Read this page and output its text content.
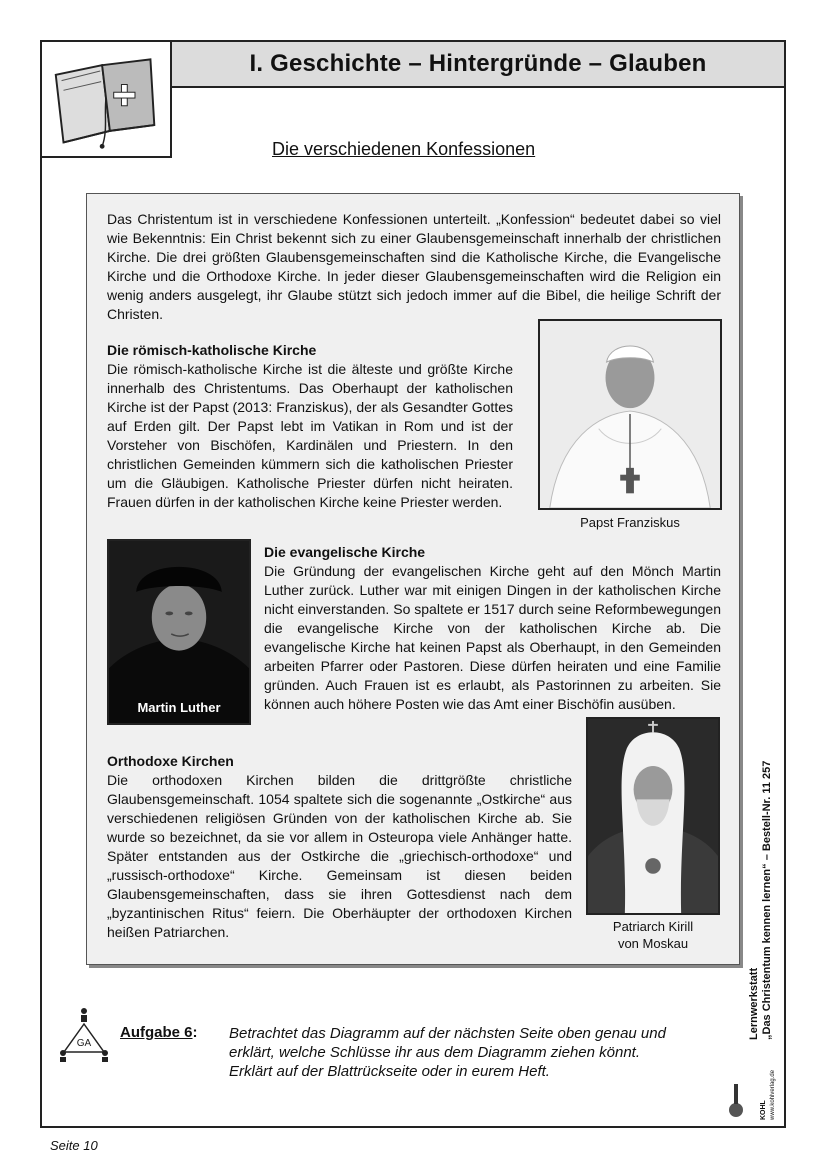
I. Geschichte – Hintergründe – Glauben
Die verschiedenen Konfessionen

Das Christentum ist in verschiedene Konfessionen unterteilt. „Konfession“ bedeutet dabei so viel wie Bekenntnis: Ein Christ bekennt sich zu einer Glaubensgemeinschaft innerhalb der christlichen Kirche. Die drei größten Glaubensgemeinschaften sind die Katholische Kirche, die Evangelische Kirche und die Orthodoxe Kirche. In jeder dieser Glaubensgemeinschaften wird die Religion ein wenig anders ausgelegt, ihr Glaube stützt sich jedoch immer auf die Bibel, die heilige Schrift der Christen.

Die römisch-katholische Kirche

Die römisch-katholische Kirche ist die älteste und größte Kirche innerhalb des Christentums. Das Oberhaupt der katholischen Kirche ist der Papst (2013: Franziskus), der als Gesandter Gottes auf Erden gilt. Der Papst lebt im Vatikan in Rom und ist der Vorsteher von Bischöfen, Kardinälen und Priestern. In den christlichen Gemeinden kümmern sich die katholischen Priester um die Gläubigen. Katholische Priester dürfen nicht heiraten. Frauen dürfen in der katholischen Kirche keine Priester werden.

Papst Franziskus
Martin Luther
Die evangelische Kirche

Die Gründung der evangelischen Kirche geht auf den Mönch Martin Luther zurück. Luther war mit einigen Dingen in der katholischen Kirche nicht einverstanden. So spaltete er 1517 durch seine Reformbewegungen die evangelische Kirche von der katholischen Kirche ab. Die evangelische Kirche hat keinen Papst als Oberhaupt, in den Gemeinden arbeiten Pfarrer oder Pastoren. Diese dürfen heiraten und eine Familie gründen. Auch Frauen ist es erlaubt, als Pastorinnen zu arbeiten. Sie können auch höhere Posten wie das Amt einer Bischöfin ausüben.

Patriarch Kirill
von Moskau
Orthodoxe Kirchen

Die orthodoxen Kirchen bilden die drittgrößte christliche Glaubensgemeinschaft. 1054 spaltete sich die sogenannte „Ostkirche“ aus verschiedenen religiösen Gründen von der katholischen Kirche ab. Sie wurde so bezeichnet, da sie vor allem in Osteuropa viele Anhänger hatte. Später entstanden aus der Ostkirche die „griechisch-orthodoxe“ und „russisch-orthodoxe“ Kirche. Gemeinsam ist diesen beiden Glaubensgemeinschaften, dass sie ihren Gottesdienst nach dem „byzantinischen Ritus“ feiern. Die Oberhäupter der orthodoxen Kirchen heißen Patriarchen.

GA
Aufgabe 6: Betrachtet das Diagramm auf der nächsten Seite oben genau und erklärt, welche Schlüsse ihr aus dem Diagramm ziehen könnt. Erklärt auf der Blattrückseite oder in eurem Heft.
Lernwerkstatt „Das Christentum kennen lernen“ – Bestell-Nr. 11 257
KOHL www.kohlverlag.de
Seite 10
